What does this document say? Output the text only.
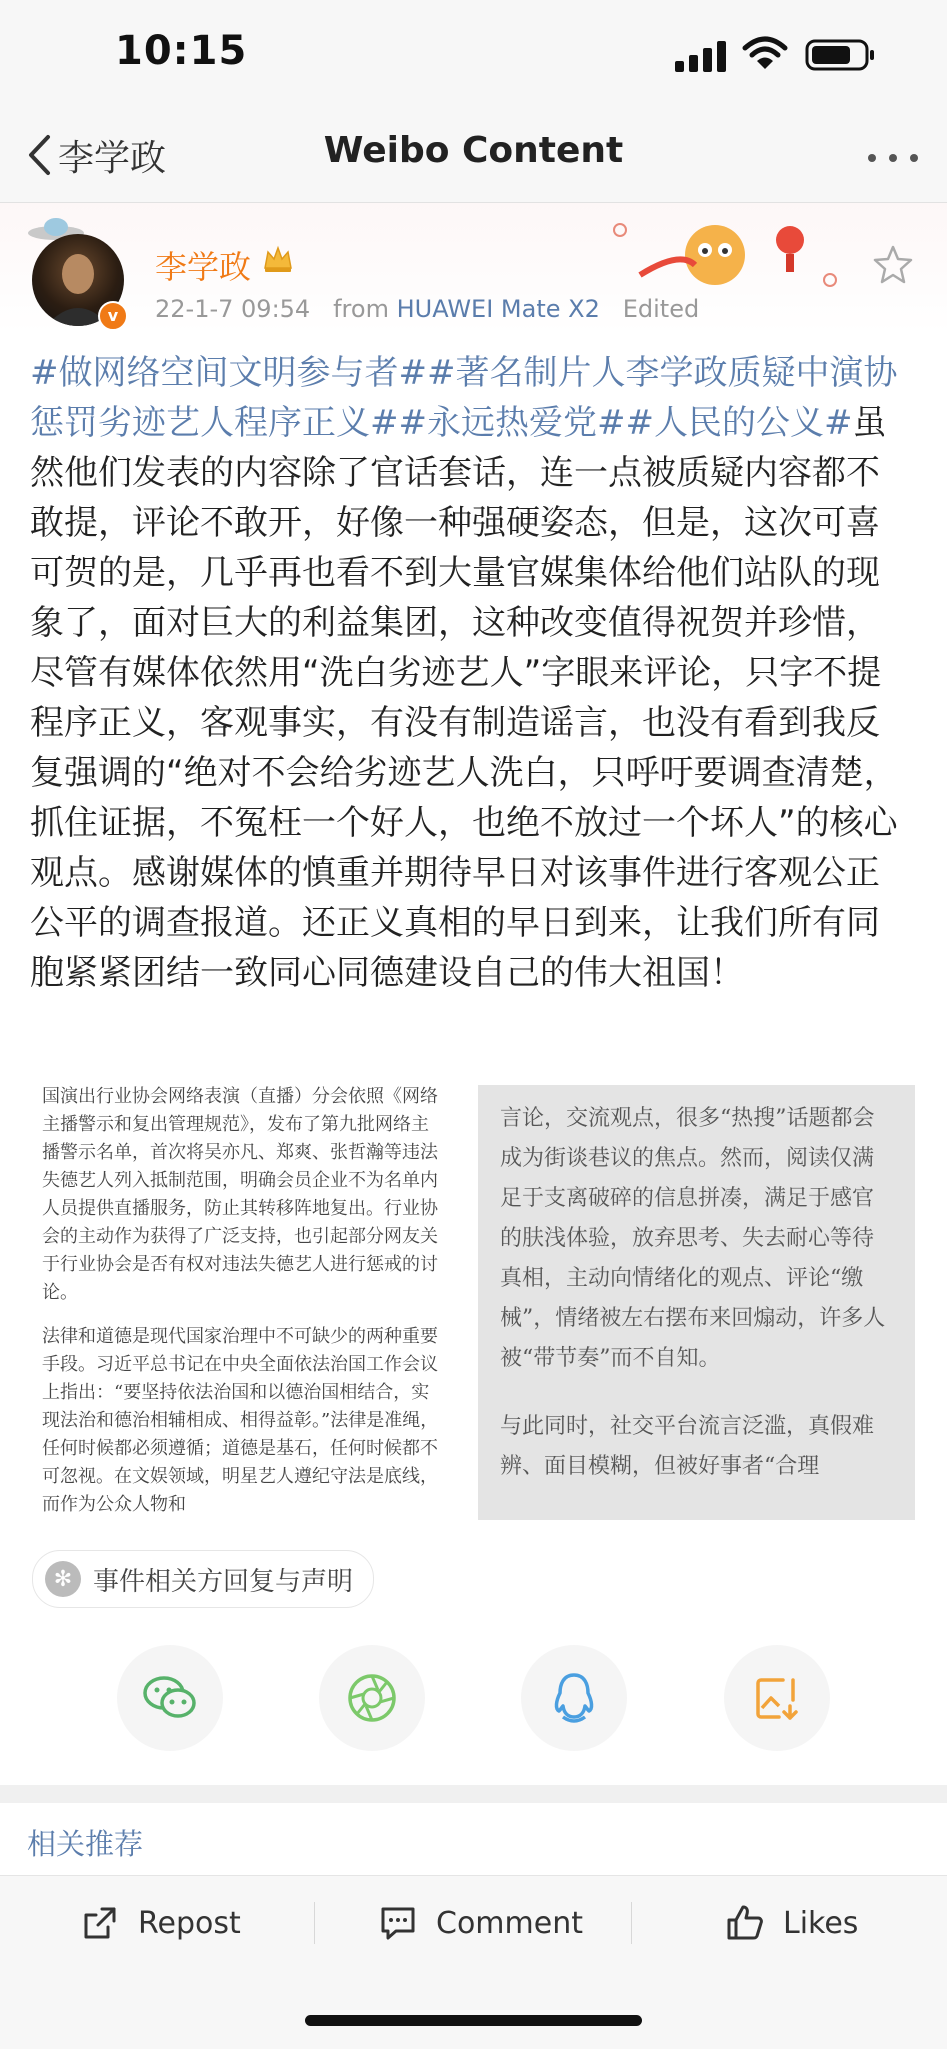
10:15
李学政	Weibo Content
v
李学政
22-1-7 09:54 from HUAWEI Mate X2 Edited
#做网络空间文明参与者##著名制片人李学政质疑中演协惩罚劣迹艺人程序正义##永远热爱党##人民的公义#虽然他们发表的内容除了官话套话，连一点被质疑内容都不敢提，评论不敢开，好像一种强硬姿态，但是，这次可喜可贺的是，几乎再也看不到大量官媒集体给他们站队的现象了，面对巨大的利益集团，这种改变值得祝贺并珍惜，尽管有媒体依然用“洗白劣迹艺人”字眼来评论，只字不提程序正义，客观事实，有没有制造谣言，也没有看到我反复强调的“绝对不会给劣迹艺人洗白，只呼吁要调查清楚，抓住证据，不冤枉一个好人，也绝不放过一个坏人”的核心观点。感谢媒体的慎重并期待早日对该事件进行客观公正公平的调查报道。还正义真相的早日到来，让我们所有同胞紧紧团结一致同心同德建设自己的伟大祖国！
国演出行业协会网络表演（直播）分会依照《网络主播警示和复出管理规范》，发布了第九批网络主播警示名单，首次将吴亦凡、郑爽、张哲瀚等违法失德艺人列入抵制范围，明确会员企业不为名单内人员提供直播服务，防止其转移阵地复出。行业协会的主动作为获得了广泛支持，也引起部分网友关于行业协会是否有权对违法失德艺人进行惩戒的讨论。
法律和道德是现代国家治理中不可缺少的两种重要手段。习近平总书记在中央全面依法治国工作会议上指出：“要坚持依法治国和以德治国相结合，实现法治和德治相辅相成、相得益彰。”法律是准绳，任何时候都必须遵循；道德是基石，任何时候都不可忽视。在文娱领域，明星艺人遵纪守法是底线，而作为公众人物和
言论，交流观点，很多“热搜”话题都会成为街谈巷议的焦点。然而，阅读仅满足于支离破碎的信息拼凑，满足于感官的肤浅体验，放弃思考、失去耐心等待真相，主动向情绪化的观点、评论“缴械”，情绪被左右摆布来回煽动，许多人被“带节奏”而不自知。
与此同时，社交平台流言泛滥，真假难辨、面目模糊，但被好事者“合理
✻ 事件相关方回复与声明
相关推荐
Repost	Comment	Likes
